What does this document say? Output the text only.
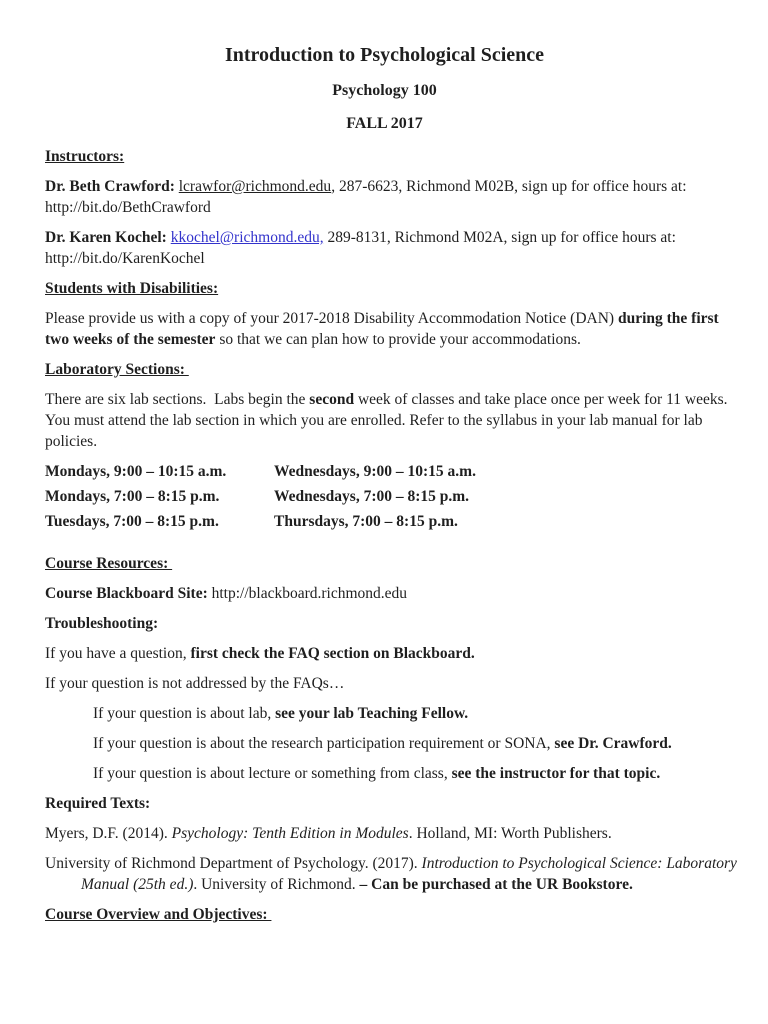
Introduction to Psychological Science
Psychology 100
FALL 2017
Instructors:

Dr. Beth Crawford: lcrawfor@richmond.edu, 287-6623, Richmond M02B, sign up for office hours at:
http://bit.do/BethCrawford

Dr. Karen Kochel: kkochel@richmond.edu, 289-8131, Richmond M02A, sign up for office hours at:
http://bit.do/KarenKochel

Students with Disabilities:

Please provide us with a copy of your 2017-2018 Disability Accommodation Notice (DAN) during the first
two weeks of the semester so that we can plan how to provide your accommodations.

Laboratory Sections:

There are six lab sections.  Labs begin the second week of classes and take place once per week for 11 weeks.
You must attend the lab section in which you are enrolled. Refer to the syllabus in your lab manual for lab
policies.

Mondays, 9:00 – 10:15 a.m.	Wednesdays, 9:00 – 10:15 a.m.
Mondays, 7:00 – 8:15 p.m.	Wednesdays, 7:00 – 8:15 p.m.
Tuesdays, 7:00 – 8:15 p.m.	Thursdays, 7:00 – 8:15 p.m.
Course Resources:

Course Blackboard Site: http://blackboard.richmond.edu

Troubleshooting:

If you have a question, first check the FAQ section on Blackboard.

If your question is not addressed by the FAQs…

If your question is about lab, see your lab Teaching Fellow.

If your question is about the research participation requirement or SONA, see Dr. Crawford.

If your question is about lecture or something from class, see the instructor for that topic.

Required Texts:

Myers, D.F. (2014). Psychology: Tenth Edition in Modules. Holland, MI: Worth Publishers.

University of Richmond Department of Psychology. (2017). Introduction to Psychological Science: Laboratory
Manual (25th ed.). University of Richmond. – Can be purchased at the UR Bookstore.

Course Overview and Objectives:
